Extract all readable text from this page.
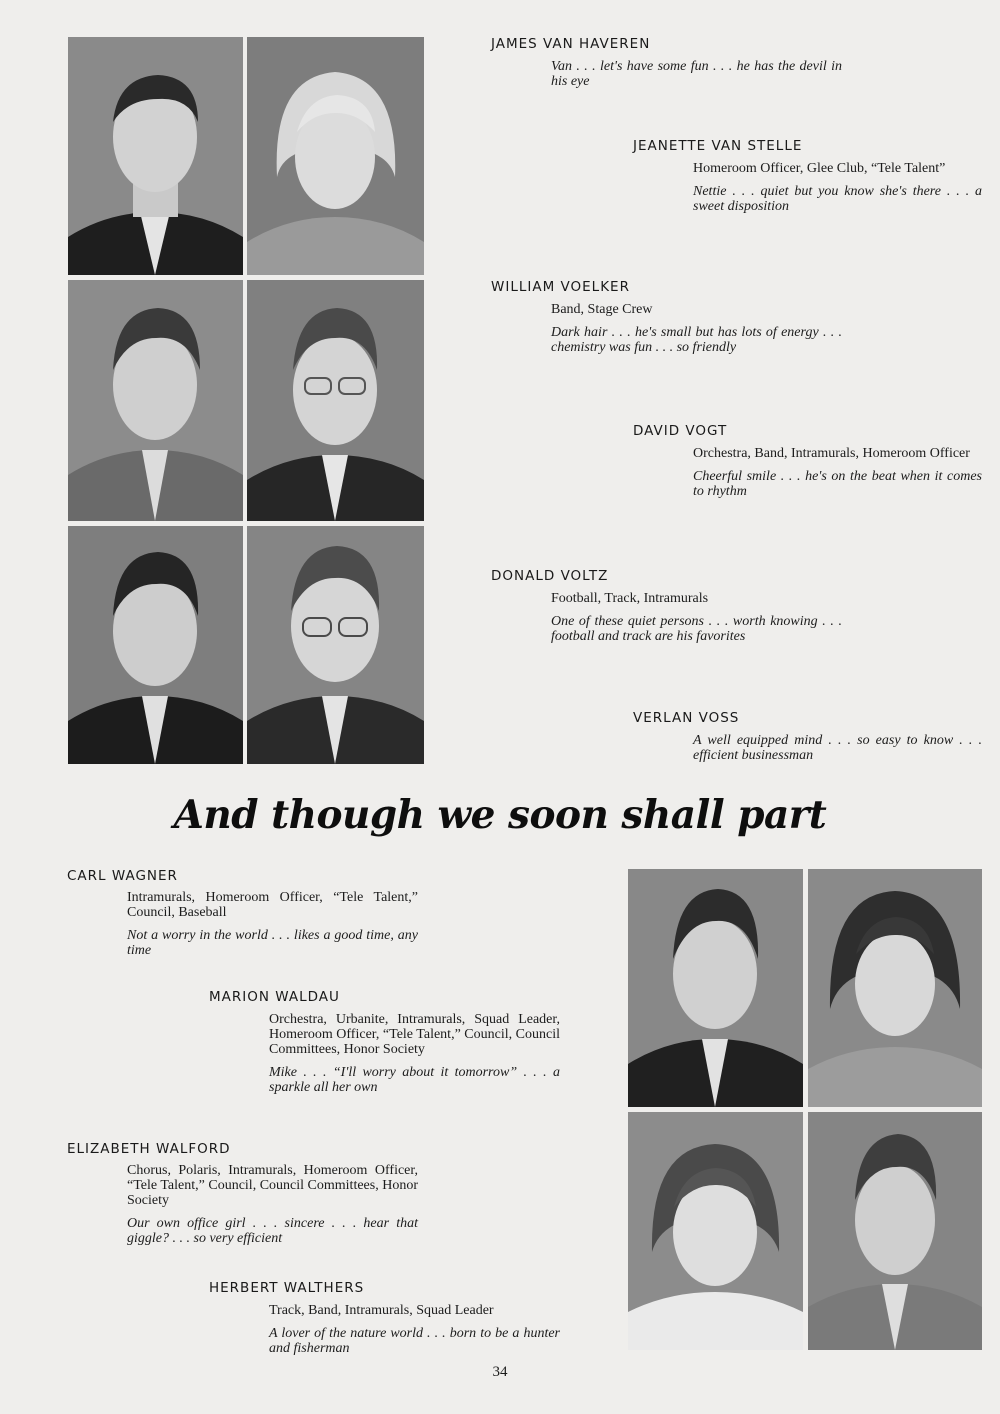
JAMES VAN HAVEREN

Van . . . let's have some fun . . . he has the devil in his eye

JEANETTE VAN STELLE

Homeroom Officer, Glee Club, “Tele Talent”

Nettie . . . quiet but you know she's there . . . a sweet disposition

WILLIAM VOELKER

Band, Stage Crew

Dark hair . . . he's small but has lots of energy . . . chemistry was fun . . . so friendly

DAVID VOGT

Orchestra, Band, Intramurals, Homeroom Officer

Cheerful smile . . . he's on the beat when it comes to rhythm

DONALD VOLTZ

Football, Track, Intramurals

One of these quiet persons . . . worth knowing . . . football and track are his favorites

VERLAN VOSS

A well equipped mind . . . so easy to know . . . efficient businessman

And though we soon shall part
CARL WAGNER

Intramurals, Homeroom Officer, “Tele Talent,” Council, Baseball

Not a worry in the world . . . likes a good time, any time

MARION WALDAU

Orchestra, Urbanite, Intramurals, Squad Leader, Homeroom Officer, “Tele Talent,” Council, Council Committees, Honor Society

Mike . . . “I'll worry about it tomorrow” . . . a sparkle all her own

ELIZABETH WALFORD

Chorus, Polaris, Intramurals, Homeroom Officer, “Tele Talent,” Council, Council Committees, Honor Society

Our own office girl . . . sincere . . . hear that giggle? . . . so very efficient

HERBERT WALTHERS

Track, Band, Intramurals, Squad Leader

A lover of the nature world . . . born to be a hunter and fisherman

34
